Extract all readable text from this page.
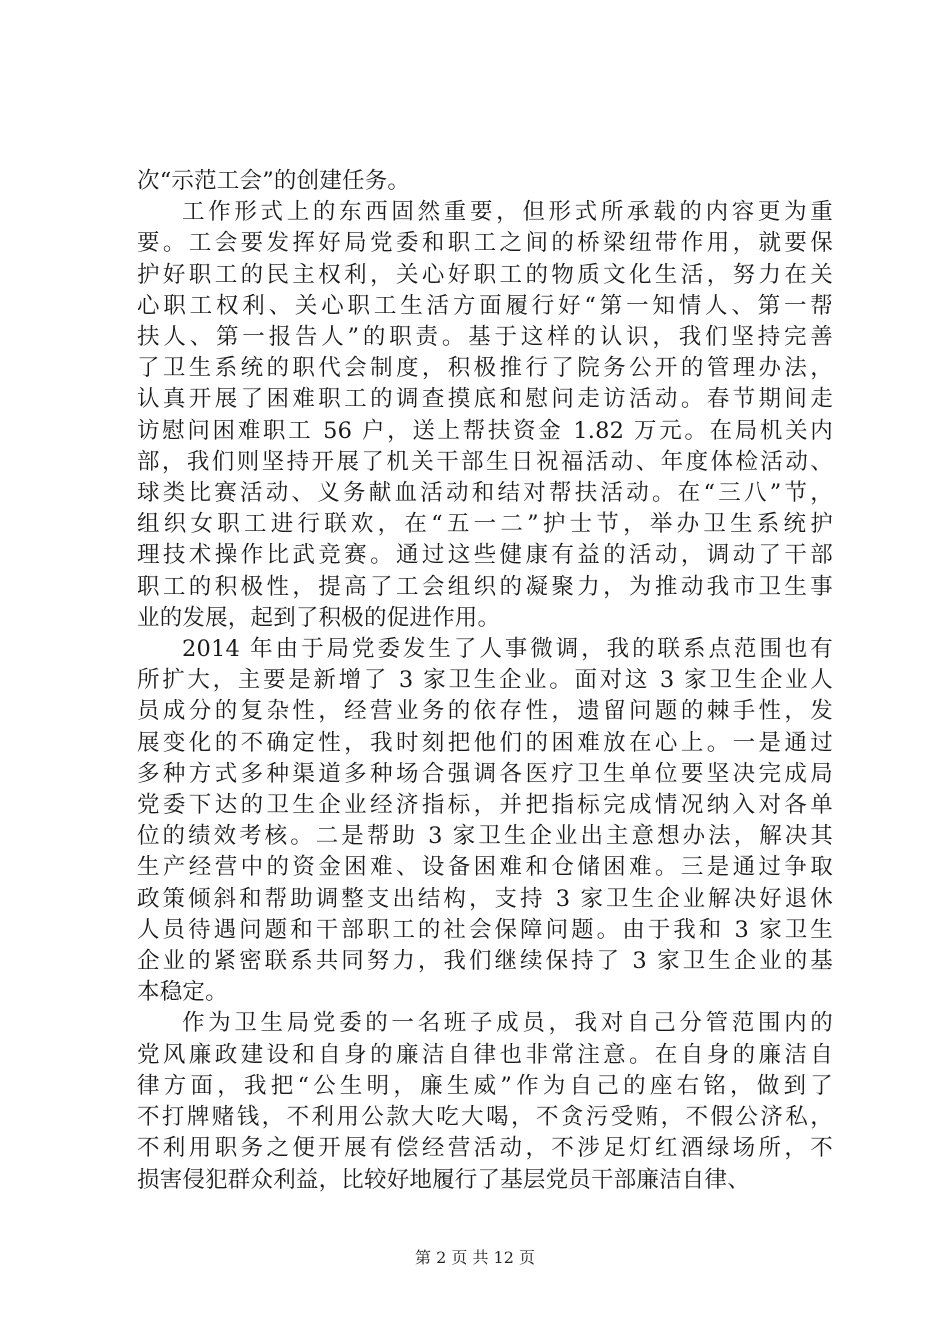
次“示范工会”的创建任务。

工作形式上的东西固然重要，但形式所承载的内容更为重
要。工会要发挥好局党委和职工之间的桥梁纽带作用，就要保
护好职工的民主权利，关心好职工的物质文化生活，努力在关
心职工权利、关心职工生活方面履行好“第一知情人、第一帮
扶人、第一报告人”的职责。基于这样的认识，我们坚持完善
了卫生系统的职代会制度，积极推行了院务公开的管理办法，
认真开展了困难职工的调查摸底和慰问走访活动。春节期间走
访慰问困难职工 56 户，送上帮扶资金 1.82 万元。在局机关内
部，我们则坚持开展了机关干部生日祝福活动、年度体检活动、
球类比赛活动、义务献血活动和结对帮扶活动。在“三八”节，
组织女职工进行联欢，在“五一二”护士节，举办卫生系统护
理技术操作比武竞赛。通过这些健康有益的活动，调动了干部
职工的积极性，提高了工会组织的凝聚力，为推动我市卫生事
业的发展，起到了积极的促进作用。

2014 年由于局党委发生了人事微调，我的联系点范围也有
所扩大，主要是新增了 3 家卫生企业。面对这 3 家卫生企业人
员成分的复杂性，经营业务的依存性，遗留问题的棘手性，发
展变化的不确定性，我时刻把他们的困难放在心上。一是通过
多种方式多种渠道多种场合强调各医疗卫生单位要坚决完成局
党委下达的卫生企业经济指标，并把指标完成情况纳入对各单
位的绩效考核。二是帮助 3 家卫生企业出主意想办法，解决其
生产经营中的资金困难、设备困难和仓储困难。三是通过争取
政策倾斜和帮助调整支出结构，支持 3 家卫生企业解决好退休
人员待遇问题和干部职工的社会保障问题。由于我和 3 家卫生
企业的紧密联系共同努力，我们继续保持了 3 家卫生企业的基
本稳定。

作为卫生局党委的一名班子成员，我对自己分管范围内的
党风廉政建设和自身的廉洁自律也非常注意。在自身的廉洁自
律方面，我把“公生明，廉生威”作为自己的座右铭，做到了
不打牌赌钱，不利用公款大吃大喝，不贪污受贿，不假公济私，
不利用职务之便开展有偿经营活动，不涉足灯红酒绿场所，不
损害侵犯群众利益，比较好地履行了基层党员干部廉洁自律、

第 2 页 共 12 页
